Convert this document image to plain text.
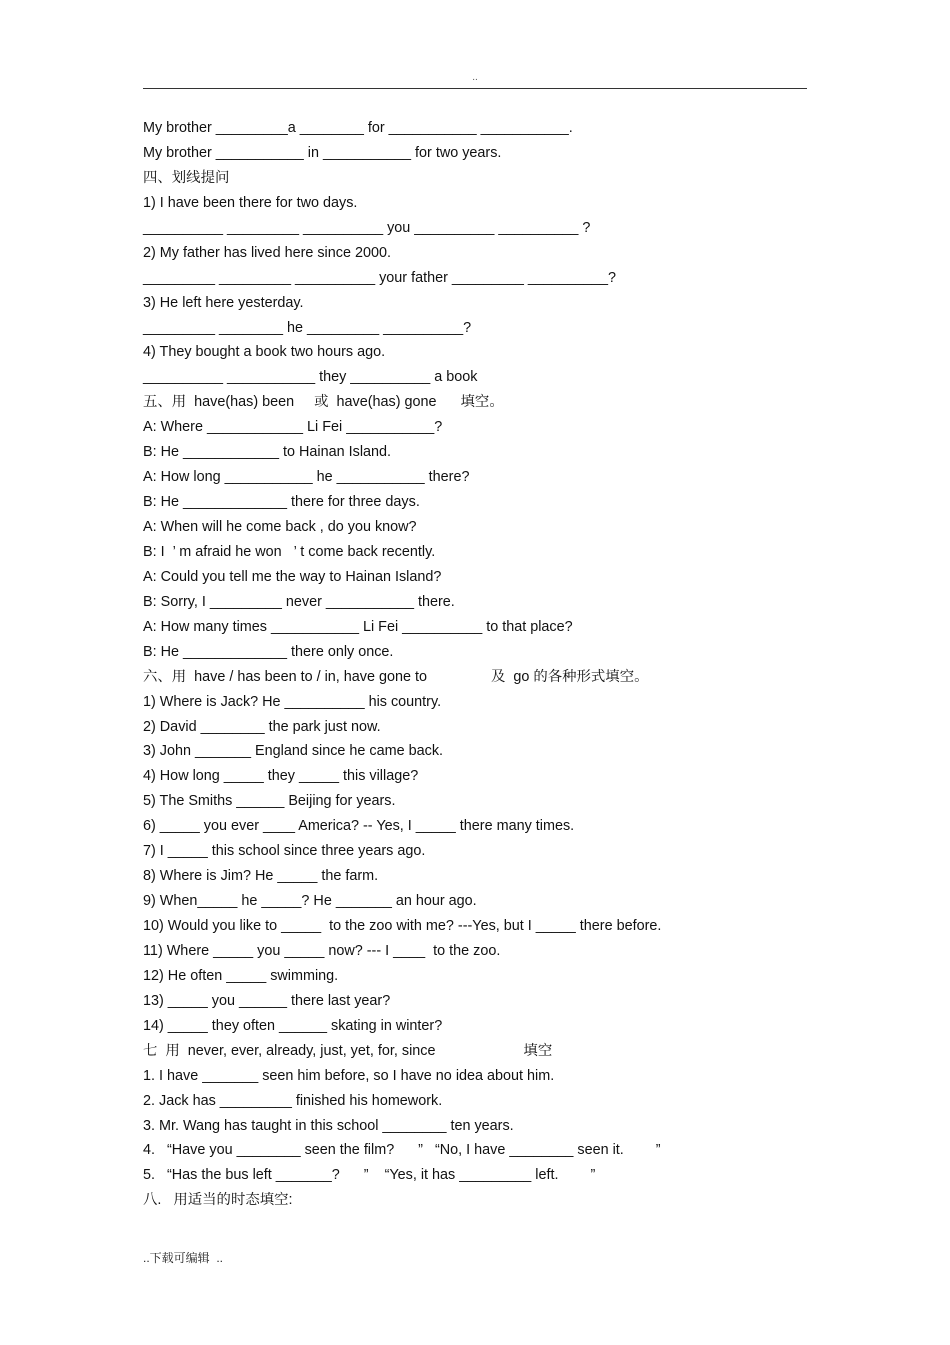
..
My brother _________a ________ for ___________ ___________.
My brother ___________ in ___________ for two years.
四、划线提问
1) I have been there for two days.
__________ _________ __________ you __________ __________ ?
2) My father has lived here since 2000.
_________ _________ __________ your father _________ __________?
3) He left here yesterday.
_________ ________ he _________ __________?
4) They bought a book two hours ago.
__________ ___________ they __________ a book
五、用  have(has) been     或  have(has) gone      填空。
A: Where ____________ Li Fei ___________?
B: He ____________ to Hainan Island.
A: How long ___________ he ___________ there?
B: He _____________ there for three days.
A: When will he come back , do you know?
B: I  ’ m afraid he won   ’ t come back recently.
A: Could you tell me the way to Hainan Island?
B: Sorry, I _________ never ___________ there.
A: How many times ___________ Li Fei __________ to that place?
B: He _____________ there only once.
六、用  have / has been to / in, have gone to                及  go 的各种形式填空。
1) Where is Jack? He __________ his country.
2) David ________ the park just now.
3) John _______ England since he came back.
4) How long _____ they _____ this village?
5) The Smiths ______ Beijing for years.
6) _____ you ever ____ America? -- Yes, I _____ there many times.
7) I _____ this school since three years ago.
8) Where is Jim? He _____ the farm.
9) When_____ he _____? He _______ an hour ago.
10) Would you like to _____  to the zoo with me? ---Yes, but I _____ there before.
11) Where _____ you _____ now? --- I ____  to the zoo.
12) He often _____ swimming.
13) _____ you ______ there last year?
14) _____ they often ______ skating in winter?
七  用  never, ever, already, just, yet, for, since                      填空
1. I have _______ seen him before, so I have no idea about him.
2. Jack has _________ finished his homework.
3. Mr. Wang has taught in this school ________ ten years.
4.   “Have you ________ seen the film?      ”   “No, I have ________ seen it.        ”
5.   “Has the bus left _______?      ”    “Yes, it has _________ left.        ”
八.   用适当的时态填空:
..下载可编辑  ..
